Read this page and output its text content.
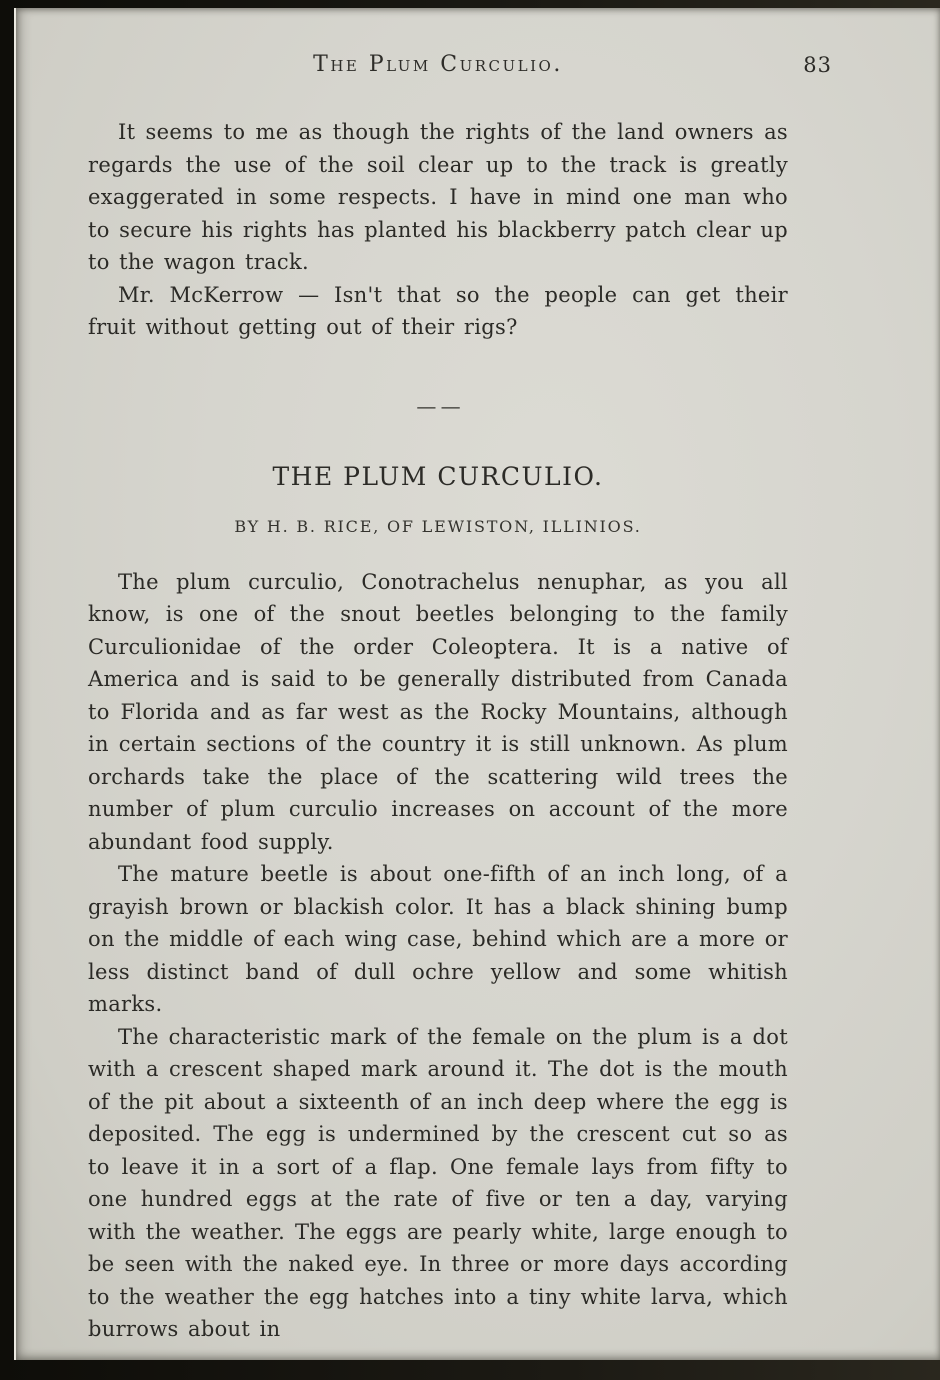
The Plum Curculio.	83

It seems to me as though the rights of the land owners as regards the use of the soil clear up to the track is greatly exaggerated in some respects. I have in mind one man who to secure his rights has planted his blackberry patch clear up to the wagon track.

Mr. McKerrow — Isn't that so the people can get their fruit without getting out of their rigs?

— —
THE PLUM CURCULIO.
BY H. B. RICE, OF LEWISTON, ILLINIOS.

The plum curculio, Conotrachelus nenuphar, as you all know, is one of the snout beetles belonging to the family Curculionidae of the order Coleoptera. It is a native of America and is said to be generally distributed from Canada to Florida and as far west as the Rocky Mountains, although in certain sections of the country it is still unknown. As plum orchards take the place of the scattering wild trees the number of plum curculio increases on account of the more abundant food supply.

The mature beetle is about one-fifth of an inch long, of a grayish brown or blackish color. It has a black shining bump on the middle of each wing case, behind which are a more or less distinct band of dull ochre yellow and some whitish marks.

The characteristic mark of the female on the plum is a dot with a crescent shaped mark around it. The dot is the mouth of the pit about a sixteenth of an inch deep where the egg is deposited. The egg is undermined by the crescent cut so as to leave it in a sort of a flap. One female lays from fifty to one hundred eggs at the rate of five or ten a day, varying with the weather. The eggs are pearly white, large enough to be seen with the naked eye. In three or more days according to the weather the egg hatches into a tiny white larva, which burrows about in
